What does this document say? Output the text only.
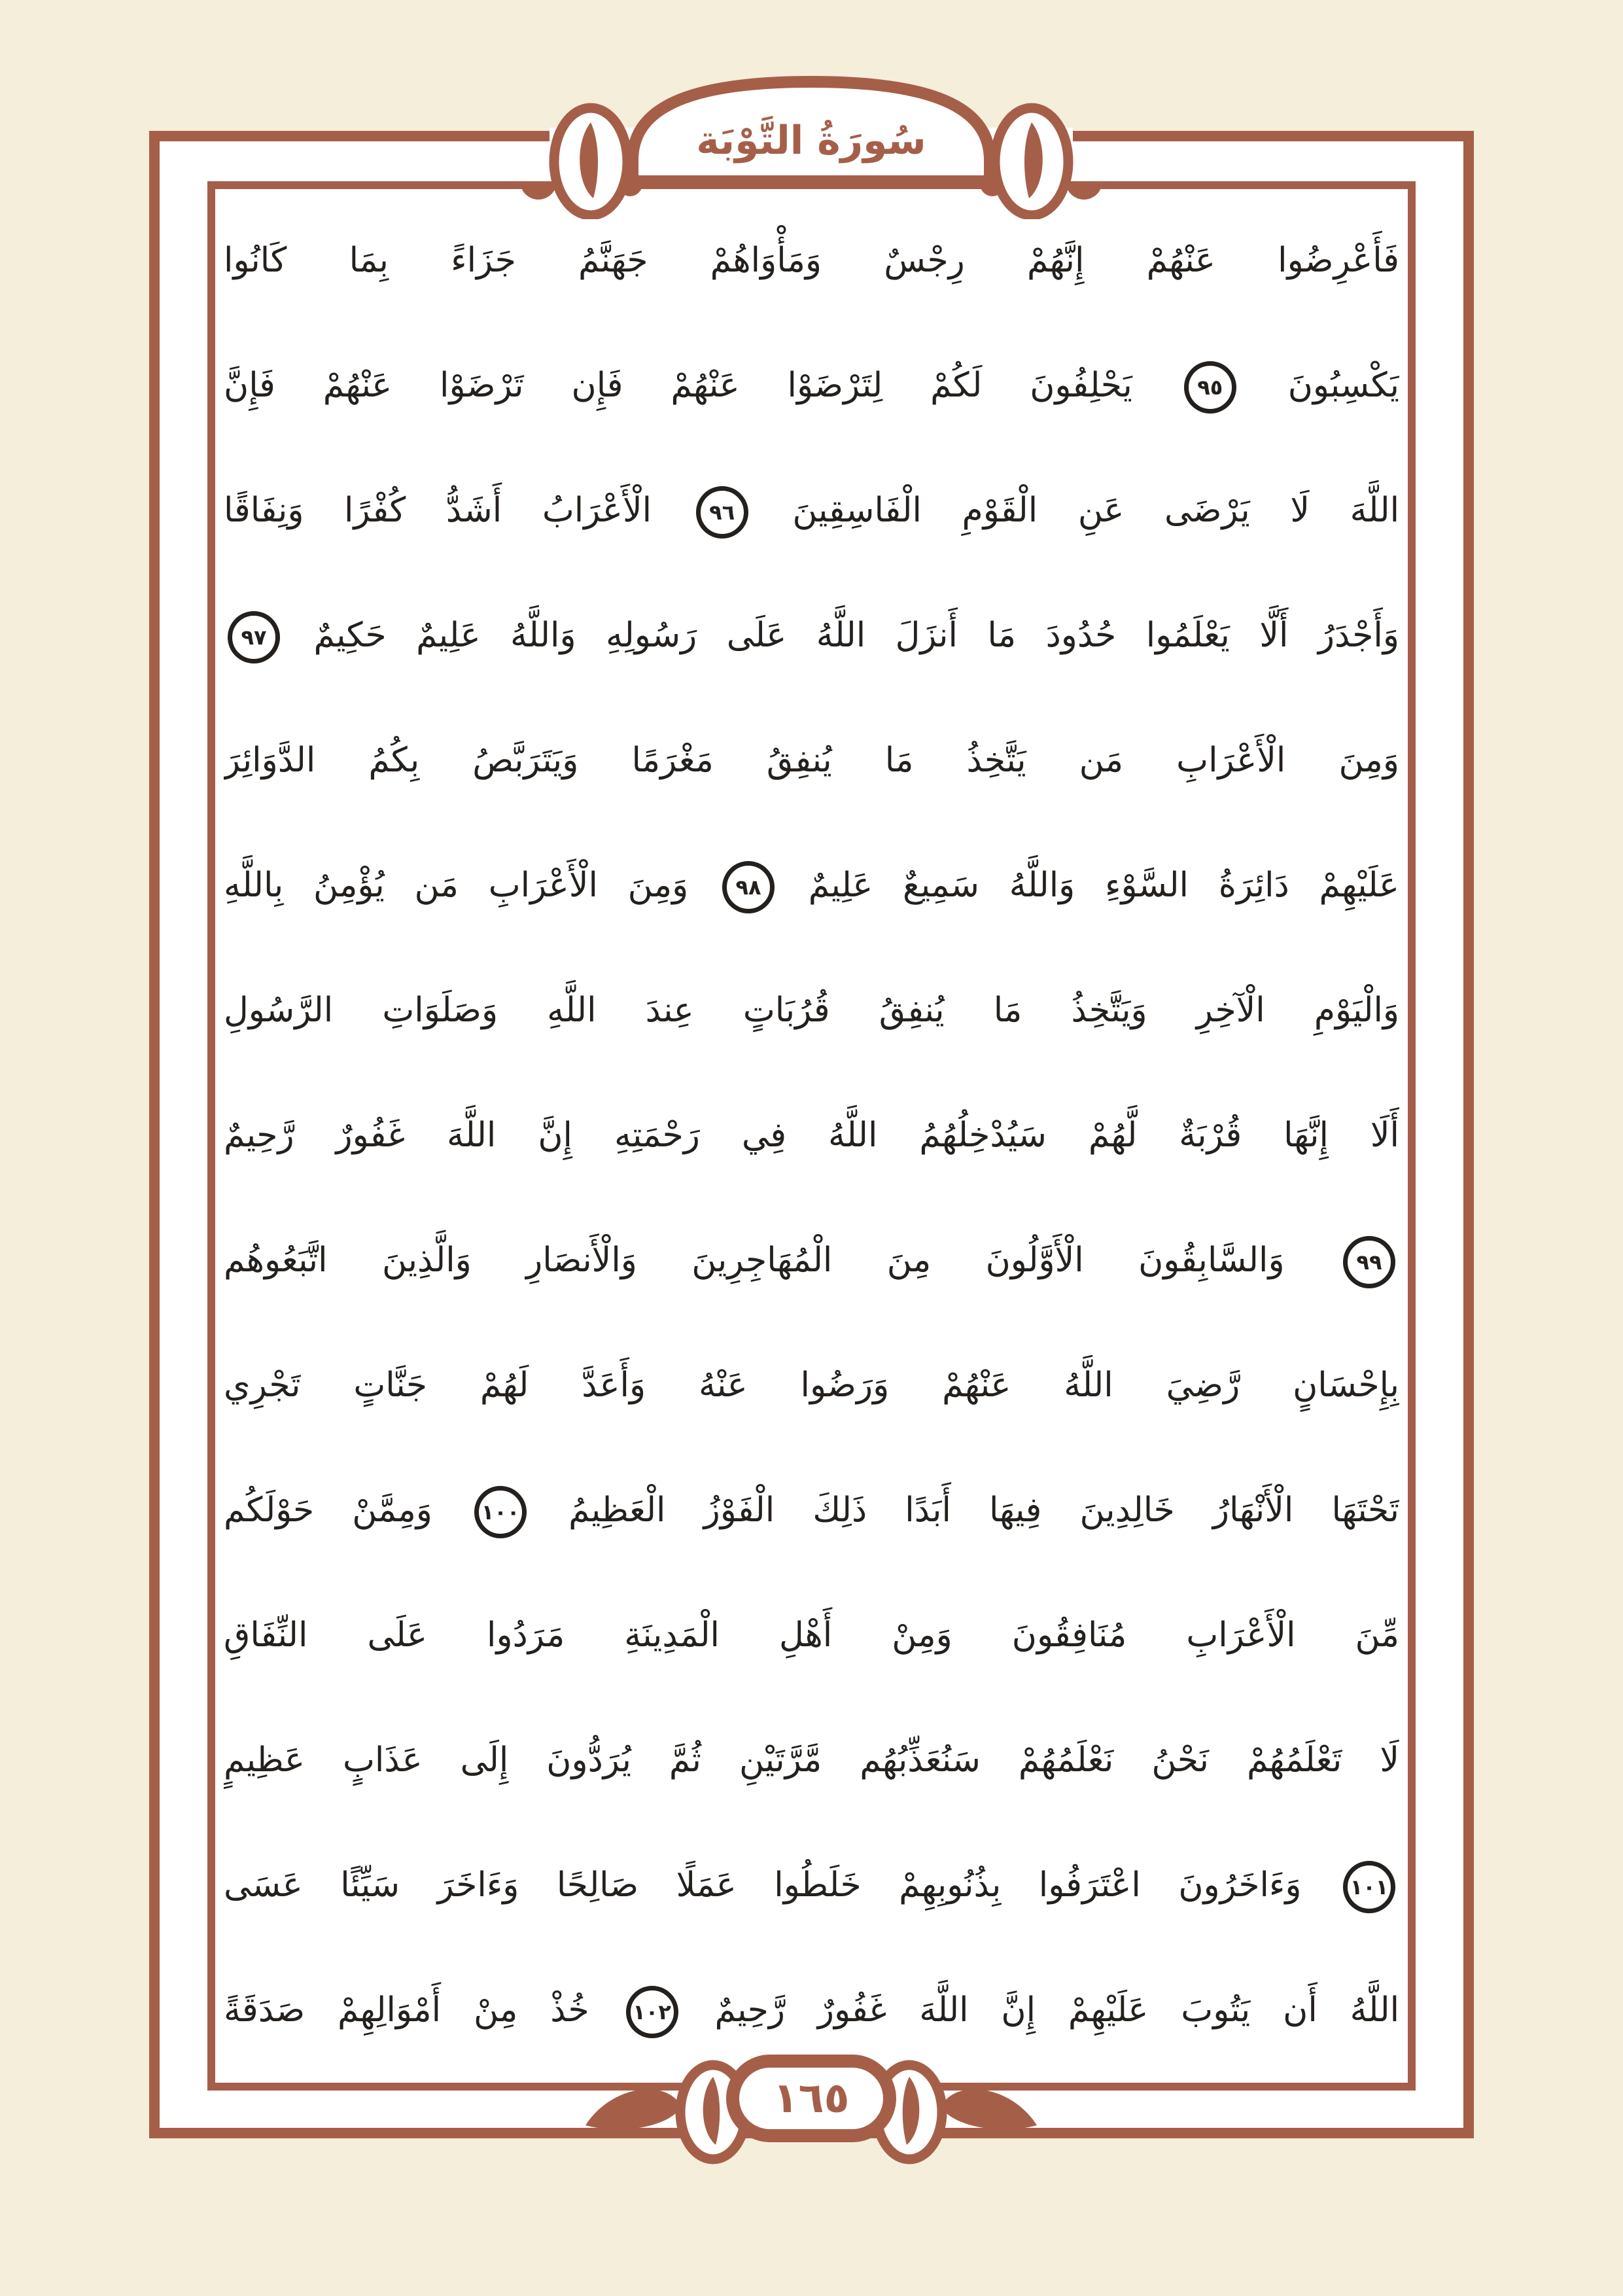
سُورَةُ التَّوْبَة
فَأَعْرِضُوا عَنْهُمْ إِنَّهُمْ رِجْسٌ وَمَأْوَاهُمْ جَهَنَّمُ جَزَاءً بِمَا كَانُوا
يَكْسِبُونَ
٩٥
يَحْلِفُونَ لَكُمْ لِتَرْضَوْا عَنْهُمْ فَإِن تَرْضَوْا عَنْهُمْ فَإِنَّ
اللَّهَ لَا يَرْضَى عَنِ الْقَوْمِ الْفَاسِقِينَ
٩٦
الْأَعْرَابُ أَشَدُّ كُفْرًا وَنِفَاقًا
وَأَجْدَرُ أَلَّا يَعْلَمُوا حُدُودَ مَا أَنزَلَ اللَّهُ عَلَى رَسُولِهِ وَاللَّهُ عَلِيمٌ حَكِيمٌ
٩٧
وَمِنَ الْأَعْرَابِ مَن يَتَّخِذُ مَا يُنفِقُ مَغْرَمًا وَيَتَرَبَّصُ بِكُمُ الدَّوَائِرَ
عَلَيْهِمْ دَائِرَةُ السَّوْءِ وَاللَّهُ سَمِيعٌ عَلِيمٌ
٩٨
وَمِنَ الْأَعْرَابِ مَن يُؤْمِنُ بِاللَّهِ
وَالْيَوْمِ الْآخِرِ وَيَتَّخِذُ مَا يُنفِقُ قُرُبَاتٍ عِندَ اللَّهِ وَصَلَوَاتِ الرَّسُولِ
أَلَا إِنَّهَا قُرْبَةٌ لَّهُمْ سَيُدْخِلُهُمُ اللَّهُ فِي رَحْمَتِهِ إِنَّ اللَّهَ غَفُورٌ رَّحِيمٌ
٩٩
وَالسَّابِقُونَ الْأَوَّلُونَ مِنَ الْمُهَاجِرِينَ وَالْأَنصَارِ وَالَّذِينَ اتَّبَعُوهُم
بِإِحْسَانٍ رَّضِيَ اللَّهُ عَنْهُمْ وَرَضُوا عَنْهُ وَأَعَدَّ لَهُمْ جَنَّاتٍ تَجْرِي
تَحْتَهَا الْأَنْهَارُ خَالِدِينَ فِيهَا أَبَدًا ذَلِكَ الْفَوْزُ الْعَظِيمُ
١٠٠
وَمِمَّنْ حَوْلَكُم
مِّنَ الْأَعْرَابِ مُنَافِقُونَ وَمِنْ أَهْلِ الْمَدِينَةِ مَرَدُوا عَلَى النِّفَاقِ
لَا تَعْلَمُهُمْ نَحْنُ نَعْلَمُهُمْ سَنُعَذِّبُهُم مَّرَّتَيْنِ ثُمَّ يُرَدُّونَ إِلَى عَذَابٍ عَظِيمٍ
١٠١
وَءَاخَرُونَ اعْتَرَفُوا بِذُنُوبِهِمْ خَلَطُوا عَمَلًا صَالِحًا وَءَاخَرَ سَيِّئًا عَسَى
اللَّهُ أَن يَتُوبَ عَلَيْهِمْ إِنَّ اللَّهَ غَفُورٌ رَّحِيمٌ
١٠٢
خُذْ مِنْ أَمْوَالِهِمْ صَدَقَةً
١٦٥
